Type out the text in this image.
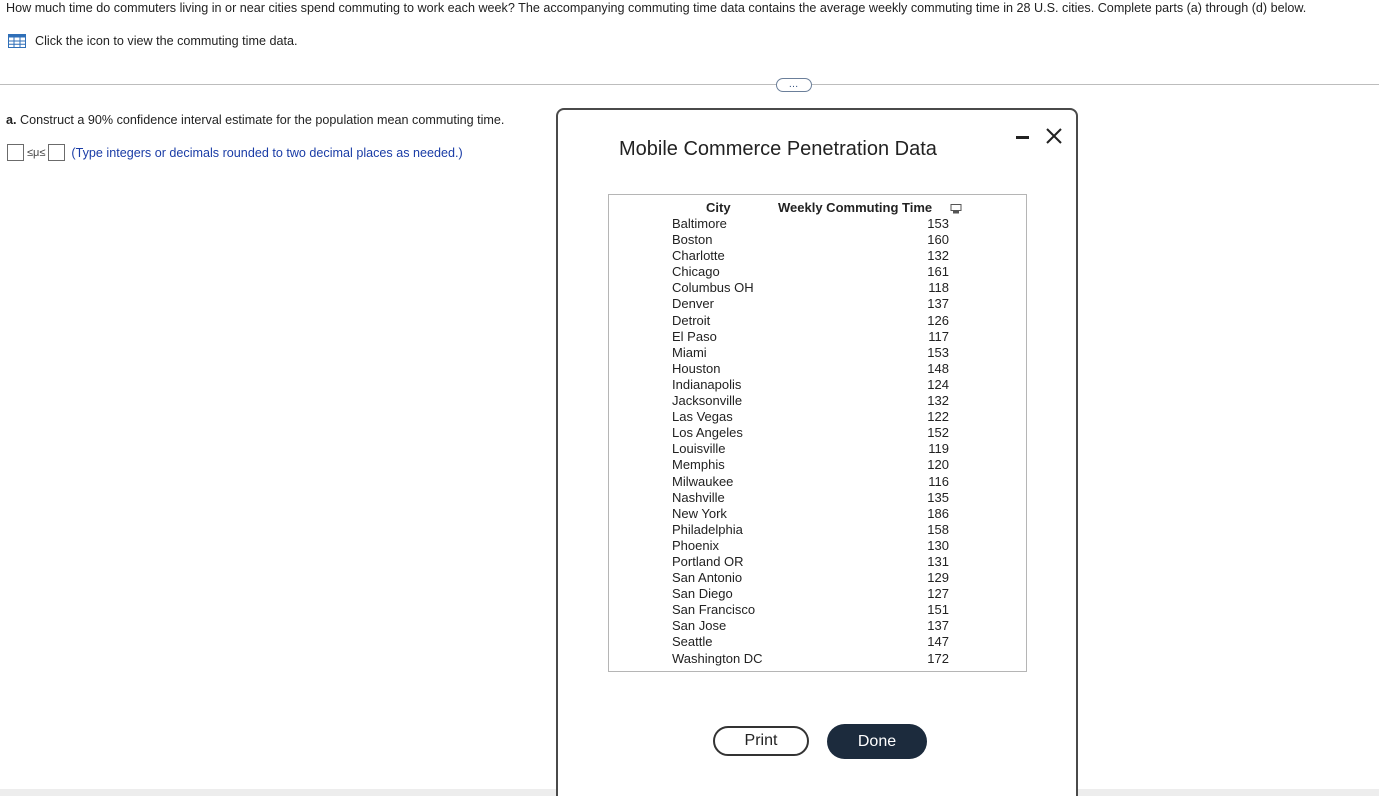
How much time do commuters living in or near cities spend commuting to work each week? The accompanying commuting time data contains the average weekly commuting time in 28 U.S. cities. Complete parts (a) through (d) below.
Click the icon to view the commuting time data.
…
a. Construct a 90% confidence interval estimate for the population mean commuting time.
≤μ≤ (Type integers or decimals rounded to two decimal places as needed.)	Mobile Commerce Penetration Data
City	Weekly Commuting Time
Baltimore	153
Boston	160
Charlotte	132
Chicago	161
Columbus OH	118
Denver	137
Detroit	126
El Paso	117
Miami	153
Houston	148
Indianapolis	124
Jacksonville	132
Las Vegas	122
Los Angeles	152
Louisville	119
Memphis	120
Milwaukee	116
Nashville	135
New York	186
Philadelphia	158
Phoenix	130
Portland OR	131
San Antonio	129
San Diego	127
San Francisco	151
San Jose	137
Seattle	147
Washington DC	172
Print	Done
